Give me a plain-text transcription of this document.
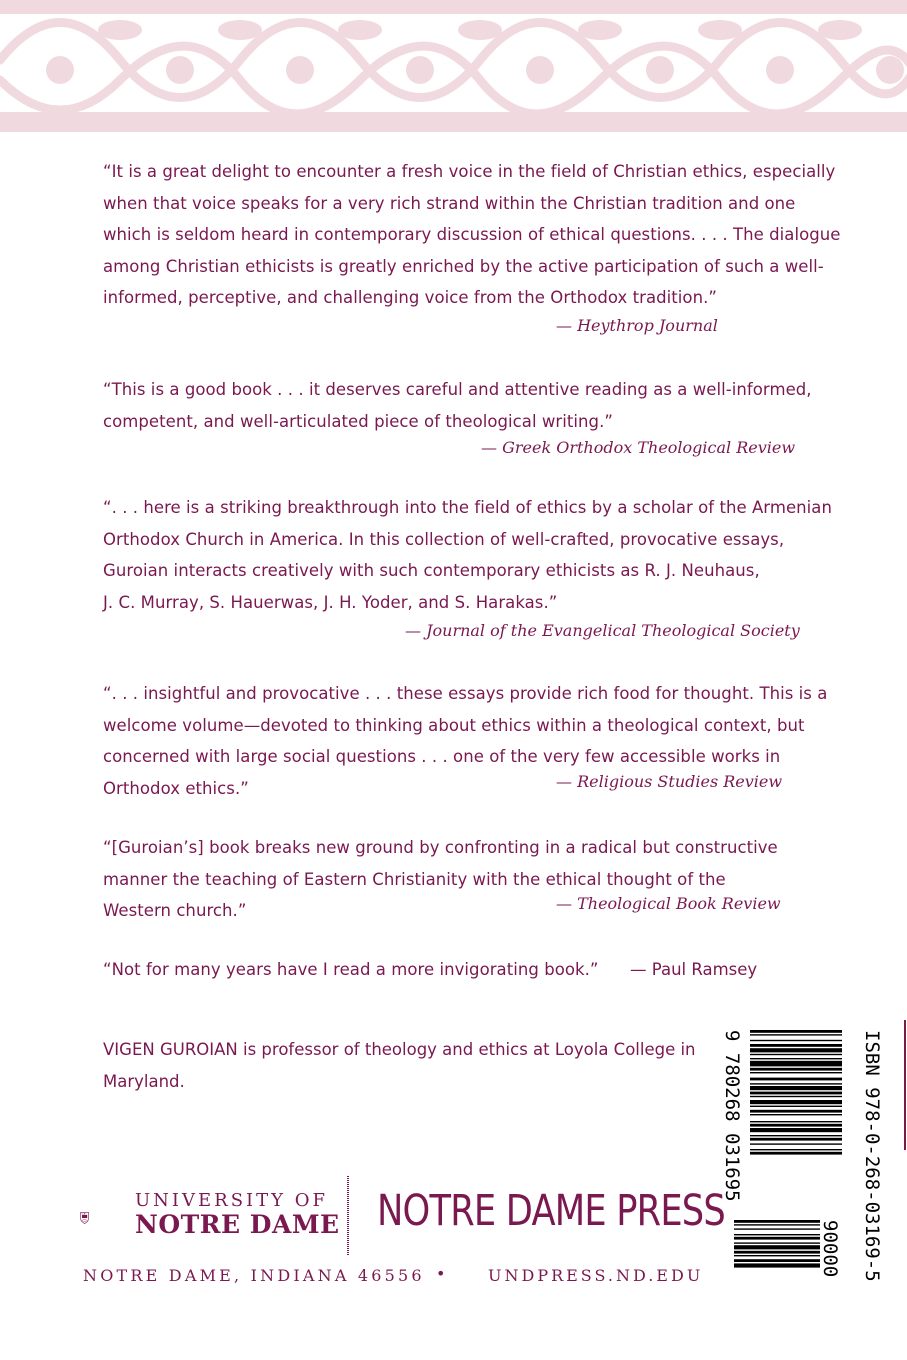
“It is a great delight to encounter a fresh voice in the field of Christian ethics, especially
when that voice speaks for a very rich strand within the Christian tradition and one
which is seldom heard in contemporary discussion of ethical questions. . . . The dialogue
among Christian ethicists is greatly enriched by the active participation of such a well-
informed, perceptive, and challenging voice from the Orthodox tradition.”
— Heythrop Journal
“This is a good book . . . it deserves careful and attentive reading as a well-informed,
competent, and well-articulated piece of theological writing.”
— Greek Orthodox Theological Review
“. . . here is a striking breakthrough into the field of ethics by a scholar of the Armenian
Orthodox Church in America. In this collection of well-crafted, provocative essays,
Guroian interacts creatively with such contemporary ethicists as R. J. Neuhaus,
J. C. Murray, S. Hauerwas, J. H. Yoder, and S. Harakas.”
— Journal of the Evangelical Theological Society
“. . . insightful and provocative . . . these essays provide rich food for thought. This is a
welcome volume—devoted to thinking about ethics within a theological context, but
concerned with large social questions . . . one of the very few accessible works in
Orthodox ethics.”	— Religious Studies Review
“[Guroian’s] book breaks new ground by confronting in a radical but constructive
manner the teaching of Eastern Christianity with the ethical thought of the
Western church.”	— Theological Book Review
“Not for many years have I read a more invigorating book.”	— Paul Ramsey
VIGEN GUROIAN is professor of theology and ethics at Loyola College in
Maryland.	ISBN 978-0-268-03169-5
9 780268 031695
90000
UNIVERSITY OF
NOTRE DAME NOTRE DAME PRESS
NOTRE DAME, INDIANA 46556 •	UNDPRESS.ND.EDU
